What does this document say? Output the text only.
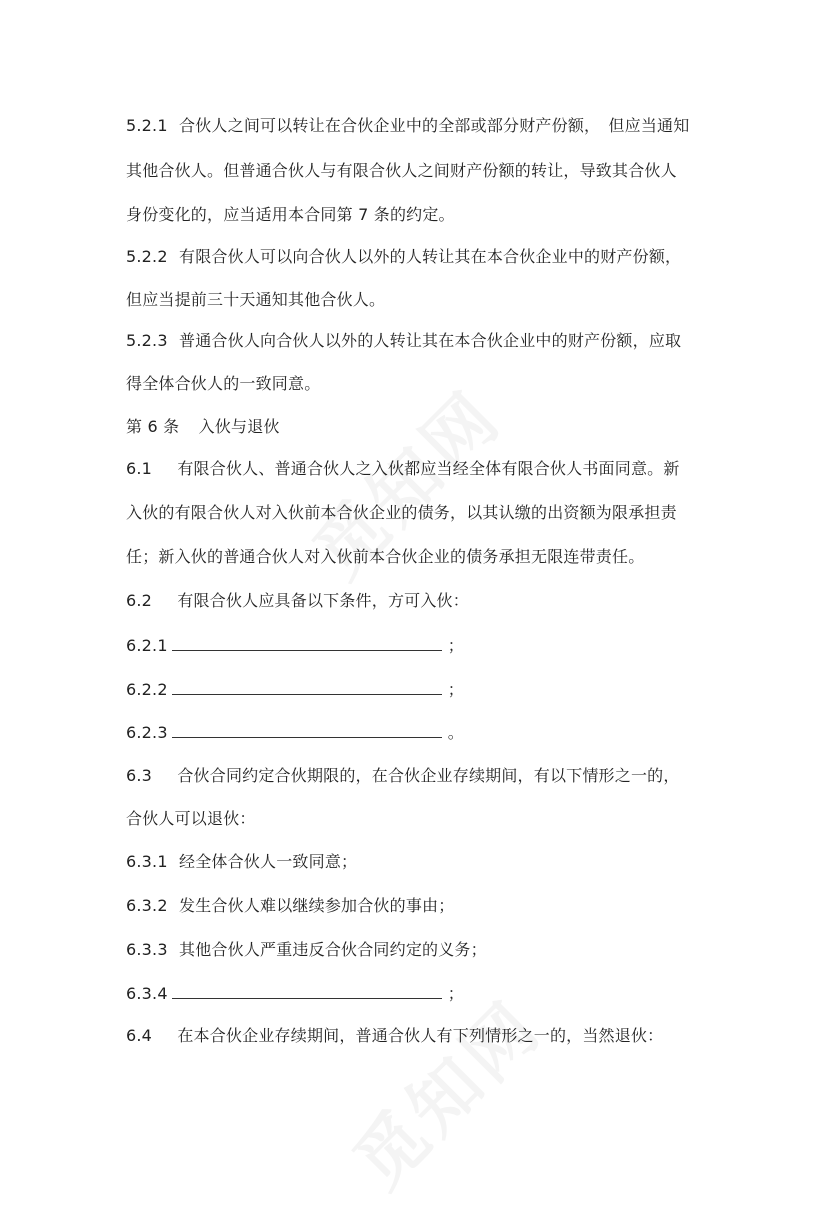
5.2.1 合伙人之间可以转让在合伙企业中的全部或部分财产份额，　但应当通知
其他合伙人。但普通合伙人与有限合伙人之间财产份额的转让，导致其合伙人
身份变化的，应当适用本合同第 7 条的约定。
5.2.2 有限合伙人可以向合伙人以外的人转让其在本合伙企业中的财产份额，
但应当提前三十天通知其他合伙人。
5.2.3 普通合伙人向合伙人以外的人转让其在本合伙企业中的财产份额，应取
得全体合伙人的一致同意。
第 6 条 入伙与退伙
6.1 有限合伙人、普通合伙人之入伙都应当经全体有限合伙人书面同意。新
入伙的有限合伙人对入伙前本合伙企业的债务，以其认缴的出资额为限承担责
任；新入伙的普通合伙人对入伙前本合伙企业的债务承担无限连带责任。
6.2 有限合伙人应具备以下条件，方可入伙：
6.2.1	；
6.2.2	；
6.2.3	。
6.3 合伙合同约定合伙期限的，在合伙企业存续期间，有以下情形之一的，
合伙人可以退伙：
6.3.1 经全体合伙人一致同意；
6.3.2 发生合伙人难以继续参加合伙的事由；
6.3.3 其他合伙人严重违反合伙合同约定的义务；
6.3.4	；
6.4 在本合伙企业存续期间，普通合伙人有下列情形之一的，当然退伙：
